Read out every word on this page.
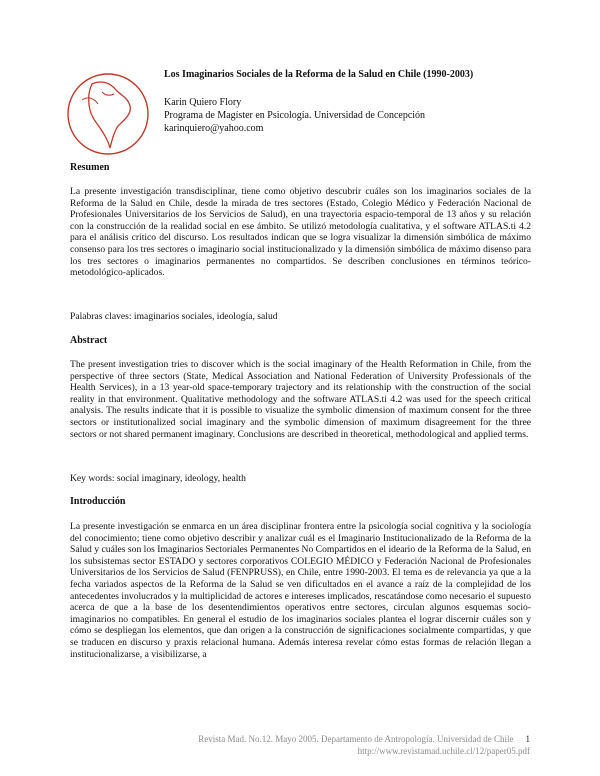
Los Imaginarios Sociales de la Reforma de la Salud en Chile (1990-2003)
Karin Quiero Flory
Programa de Magíster en Psicología. Universidad de Concepción
karinquiero@yahoo.com
Resumen
La presente investigación transdisciplinar, tiene como objetivo descubrir cuáles son los imaginarios sociales de la Reforma de la Salud en Chile, desde la mirada de tres sectores (Estado, Colegio Médico y Federación Nacional de Profesionales Universitarios de los Servicios de Salud), en una trayectoria espacio-temporal de 13 años y su relación con la construcción de la realidad social en ese ámbito. Se utilizó metodología cualitativa, y el software ATLAS.ti 4.2 para el análisis crítico del discurso. Los resultados indican que se logra visualizar la dimensión simbólica de máximo consenso para los tres sectores o imaginario social institucionalizado y la dimensión simbólica de máximo disenso para los tres sectores o imaginarios permanentes no compartidos. Se describen conclusiones en términos teórico-metodológico-aplicados.
Palabras claves: imaginarios sociales, ideología, salud
Abstract
The present investigation tries to discover which is the social imaginary of the Health Reformation in Chile, from the perspective of three sectors (State, Medical Association and National Federation of University Professionals of the Health Services), in a 13 year-old space-temporary trajectory and its relationship with the construction of the social reality in that environment. Qualitative methodology and the software ATLAS.ti 4.2 was used for the speech critical analysis. The results indicate that it is possible to visualize the symbolic dimension of maximum consent for the three sectors or institutionalized social imaginary and the symbolic dimension of maximum disagreement for the three sectors or not shared permanent imaginary. Conclusions are described in theoretical, methodological and applied terms.
Key words: social imaginary, ideology, health
Introducción
La presente investigación se enmarca en un área disciplinar frontera entre la psicología social cognitiva y la sociología del conocimiento; tiene como objetivo describir y analizar cuál es el Imaginario Institucionalizado de la Reforma de la Salud y cuáles son los Imaginarios Sectoriales Permanentes No Compartidos en el ideario de la Reforma de la Salud, en los subsistemas sector ESTADO y sectores corporativos COLEGIO MÉDICO y Federación Nacional de Profesionales Universitarios de los Servicios de Salud (FENPRUSS), en Chile, entre 1990-2003. El tema es de relevancia ya que a la fecha variados aspectos de la Reforma de la Salud se ven dificultados en el avance a raíz de la complejidad de los antecedentes involucrados y la multiplicidad de actores e intereses implicados, rescatándose como necesario el supuesto acerca de que a la base de los desentendimientos operativos entre sectores, circulan algunos esquemas socio-imaginarios no compatibles. En general el estudio de los imaginarios sociales plantea el lograr discernir cuáles son y cómo se despliegan los elementos, que dan origen a la construcción de significaciones socialmente compartidas, y que se traducen en discurso y praxis relacional humana. Además interesa revelar cómo estas formas de relación llegan a institucionalizarse, a visibilizarse, a
Revista Mad. No.12. Mayo 2005. Departamento de Antropología. Universidad de Chile 1
http://www.revistamad.uchile.cl/12/paper05.pdf
